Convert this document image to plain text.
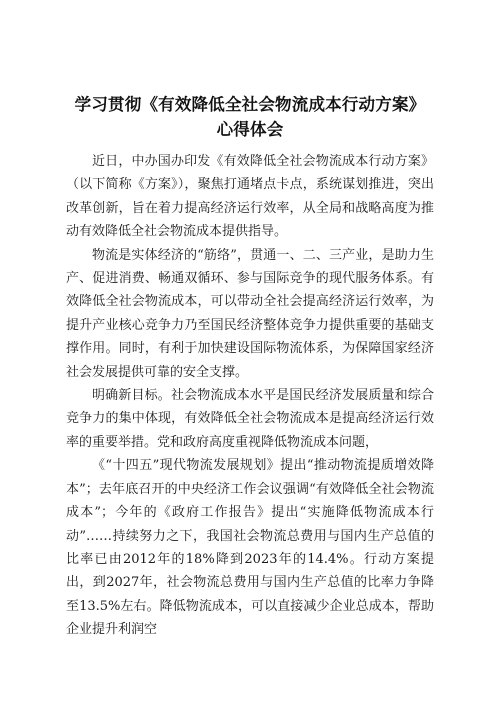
学习贯彻《有效降低全社会物流成本行动方案》心得体会

近日，中办国办印发《有效降低全社会物流成本行动方案》（以下简称《方案》），聚焦打通堵点卡点，系统谋划推进，突出改革创新，旨在着力提高经济运行效率，从全局和战略高度为推动有效降低全社会物流成本提供指导。

物流是实体经济的“筋络”，贯通一、二、三产业，是助力生产、促进消费、畅通双循环、参与国际竞争的现代服务体系。有效降低全社会物流成本，可以带动全社会提高经济运行效率，为提升产业核心竞争力乃至国民经济整体竞争力提供重要的基础支撑作用。同时，有利于加快建设国际物流体系，为保障国家经济社会发展提供可靠的安全支撑。

明确新目标。社会物流成本水平是国民经济发展质量和综合竞争力的集中体现，有效降低全社会物流成本是提高经济运行效率的重要举措。党和政府高度重视降低物流成本问题，

《“十四五”现代物流发展规划》提出“推动物流提质增效降本”；去年底召开的中央经济工作会议强调“有效降低全社会物流成本”；今年的《政府工作报告》提出“实施降低物流成本行动”……持续努力之下，我国社会物流总费用与国内生产总值的比率已由2012年的18%降到2023年的14.4%。行动方案提出，到2027年，社会物流总费用与国内生产总值的比率力争降至13.5%左右。降低物流成本，可以直接减少企业总成本，帮助企业提升利润空
